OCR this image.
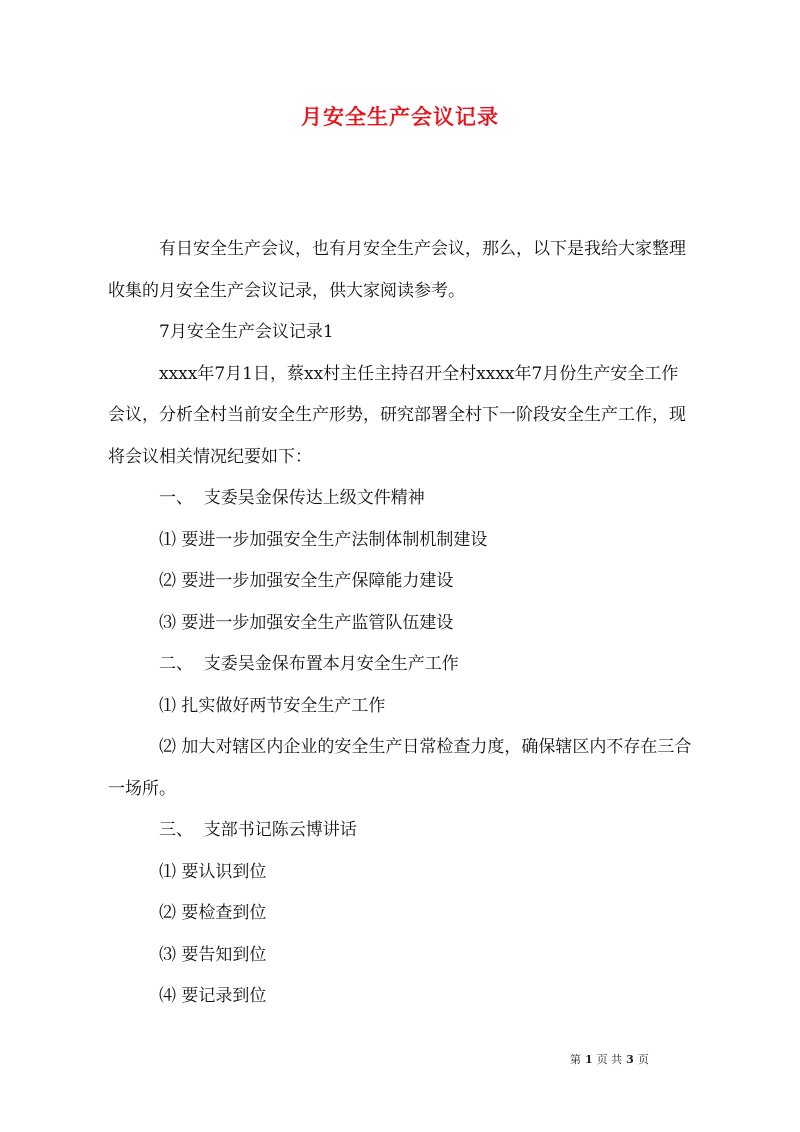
月安全生产会议记录

有日安全生产会议，也有月安全生产会议，那么，以下是我给大家整理收集的月安全生产会议记录，供大家阅读参考。

7月安全生产会议记录1

xxxx年7月1日，蔡xx村主任主持召开全村xxxx年7月份生产安全工作会议，分析全村当前安全生产形势，研究部署全村下一阶段安全生产工作，现将会议相关情况纪要如下：

一、  支委吴金保传达上级文件精神

⑴ 要进一步加强安全生产法制体制机制建设

⑵ 要进一步加强安全生产保障能力建设

⑶ 要进一步加强安全生产监管队伍建设

二、  支委吴金保布置本月安全生产工作

⑴ 扎实做好两节安全生产工作

⑵ 加大对辖区内企业的安全生产日常检查力度，确保辖区内不存在三合一场所。

三、  支部书记陈云博讲话

⑴ 要认识到位

⑵ 要检查到位

⑶ 要告知到位

⑷ 要记录到位

第 1 页 共 3 页
